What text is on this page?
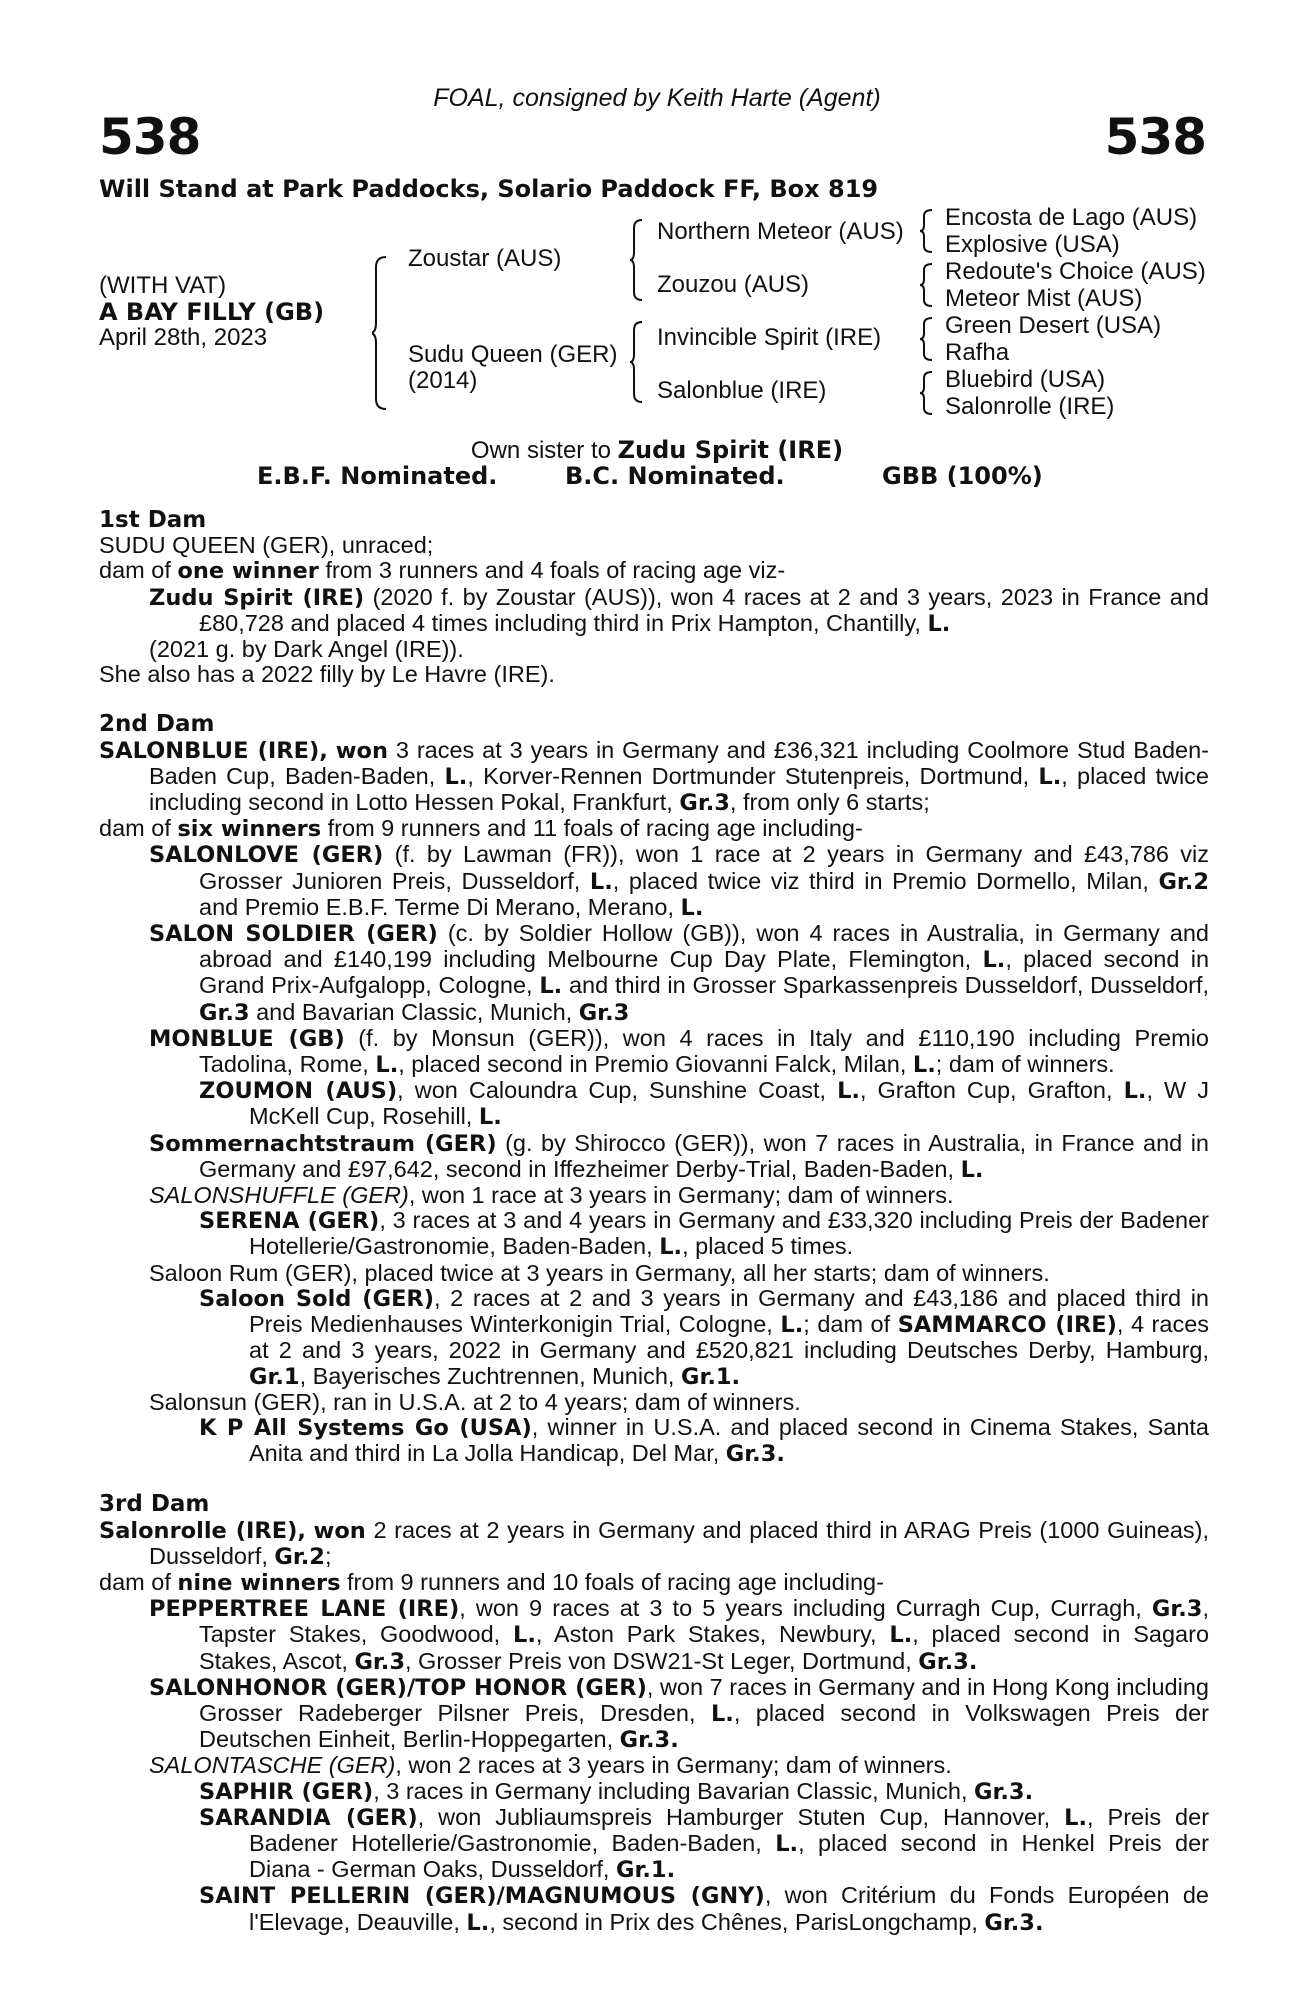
FOAL, consigned by Keith Harte (Agent)
538	538
Will Stand at Park Paddocks, Solario Paddock FF, Box 819
(WITH VAT)
A BAY FILLY (GB)
April 28th, 2023
Zoustar (AUS)
Sudu Queen (GER)
(2014)
Northern Meteor (AUS)
Zouzou (AUS)
Invincible Spirit (IRE)
Salonblue (IRE)
Encosta de Lago (AUS)
Explosive (USA)
Redoute's Choice (AUS)
Meteor Mist (AUS)
Green Desert (USA)
Rafha
Bluebird (USA)
Salonrolle (IRE)
Own sister to Zudu Spirit (IRE)
E.B.F. Nominated.	B.C. Nominated.	GBB (100%)

1st Dam

SUDU QUEEN (GER), unraced;

dam of one winner from 3 runners and 4 foals of racing age viz-

Zudu Spirit (IRE) (2020 f. by Zoustar (AUS)), won 4 races at 2 and 3 years, 2023 in France and £80,728 and placed 4 times including third in Prix Hampton, Chantilly, L.

(2021 g. by Dark Angel (IRE)).

She also has a 2022 filly by Le Havre (IRE).

2nd Dam

SALONBLUE (IRE), won 3 races at 3 years in Germany and £36,321 including Coolmore Stud Baden-Baden Cup, Baden-Baden, L., Korver-Rennen Dortmunder Stutenpreis, Dortmund, L., placed twice including second in Lotto Hessen Pokal, Frankfurt, Gr.3, from only 6 starts;

dam of six winners from 9 runners and 11 foals of racing age including-

SALONLOVE (GER) (f. by Lawman (FR)), won 1 race at 2 years in Germany and £43,786 viz Grosser Junioren Preis, Dusseldorf, L., placed twice viz third in Premio Dormello, Milan, Gr.2 and Premio E.B.F. Terme Di Merano, Merano, L.

SALON SOLDIER (GER) (c. by Soldier Hollow (GB)), won 4 races in Australia, in Germany and abroad and £140,199 including Melbourne Cup Day Plate, Flemington, L., placed second in Grand Prix-Aufgalopp, Cologne, L. and third in Grosser Sparkassenpreis Dusseldorf, Dusseldorf, Gr.3 and Bavarian Classic, Munich, Gr.3

MONBLUE (GB) (f. by Monsun (GER)), won 4 races in Italy and £110,190 including Premio Tadolina, Rome, L., placed second in Premio Giovanni Falck, Milan, L.; dam of winners.

ZOUMON (AUS), won Caloundra Cup, Sunshine Coast, L., Grafton Cup, Grafton, L., W J McKell Cup, Rosehill, L.

Sommernachtstraum (GER) (g. by Shirocco (GER)), won 7 races in Australia, in France and in Germany and £97,642, second in Iffezheimer Derby-Trial, Baden-Baden, L.

SALONSHUFFLE (GER), won 1 race at 3 years in Germany; dam of winners.

SERENA (GER), 3 races at 3 and 4 years in Germany and £33,320 including Preis der Badener Hotellerie/Gastronomie, Baden-Baden, L., placed 5 times.

Saloon Rum (GER), placed twice at 3 years in Germany, all her starts; dam of winners.

Saloon Sold (GER), 2 races at 2 and 3 years in Germany and £43,186 and placed third in Preis Medienhauses Winterkonigin Trial, Cologne, L.; dam of SAMMARCO (IRE), 4 races at 2 and 3 years, 2022 in Germany and £520,821 including Deutsches Derby, Hamburg, Gr.1, Bayerisches Zuchtrennen, Munich, Gr.1.

Salonsun (GER), ran in U.S.A. at 2 to 4 years; dam of winners.

K P All Systems Go (USA), winner in U.S.A. and placed second in Cinema Stakes, Santa Anita and third in La Jolla Handicap, Del Mar, Gr.3.

3rd Dam

Salonrolle (IRE), won 2 races at 2 years in Germany and placed third in ARAG Preis (1000 Guineas), Dusseldorf, Gr.2;

dam of nine winners from 9 runners and 10 foals of racing age including-

PEPPERTREE LANE (IRE), won 9 races at 3 to 5 years including Curragh Cup, Curragh, Gr.3, Tapster Stakes, Goodwood, L., Aston Park Stakes, Newbury, L., placed second in Sagaro Stakes, Ascot, Gr.3, Grosser Preis von DSW21-St Leger, Dortmund, Gr.3.

SALONHONOR (GER)/TOP HONOR (GER), won 7 races in Germany and in Hong Kong including Grosser Radeberger Pilsner Preis, Dresden, L., placed second in Volkswagen Preis der Deutschen Einheit, Berlin-Hoppegarten, Gr.3.

SALONTASCHE (GER), won 2 races at 3 years in Germany; dam of winners.

SAPHIR (GER), 3 races in Germany including Bavarian Classic, Munich, Gr.3.

SARANDIA (GER), won Jubliaumspreis Hamburger Stuten Cup, Hannover, L., Preis der Badener Hotellerie/Gastronomie, Baden-Baden, L., placed second in Henkel Preis der Diana - German Oaks, Dusseldorf, Gr.1.

SAINT PELLERIN (GER)/MAGNUMOUS (GNY), won Critérium du Fonds Européen de l'Elevage, Deauville, L., second in Prix des Chênes, ParisLongchamp, Gr.3.
